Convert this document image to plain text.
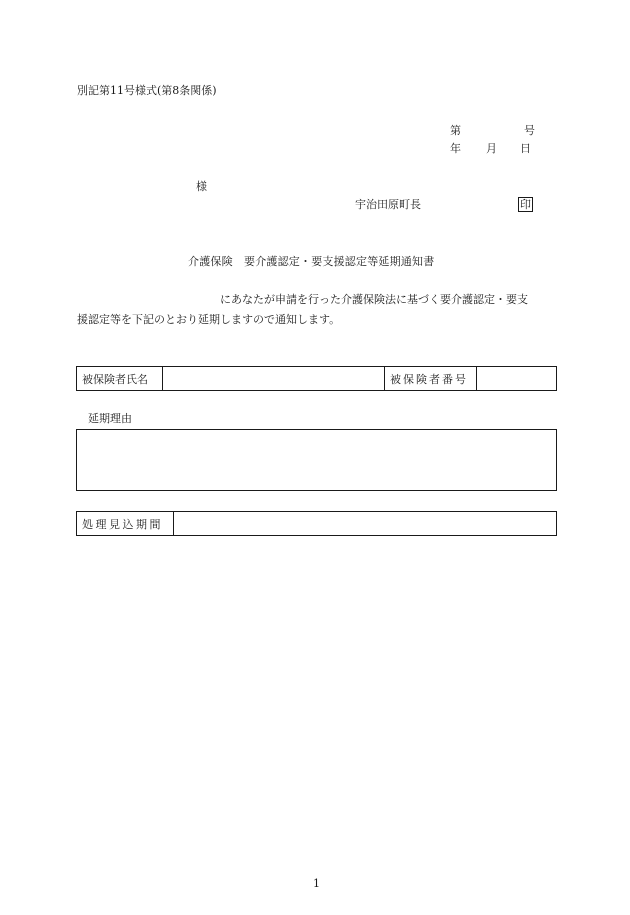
別記第11号様式(第8条関係)
第	号
年 月 日
様
宇治田原町長	印
介護保険　要介護認定・要支援認定等延期通知書
にあなたが申請を行った介護保険法に基づく要介護認定・要支
援認定等を下記のとおり延期しますので通知します。
被保険者氏名	被保険者番号
延期理由
処理見込期間
1
